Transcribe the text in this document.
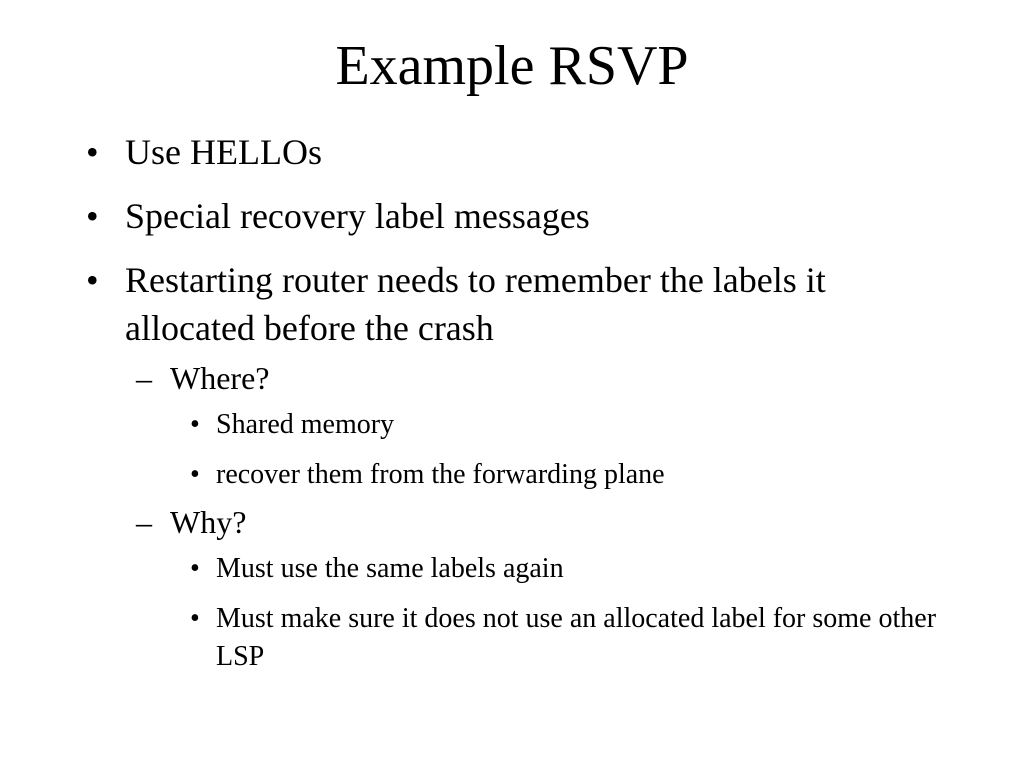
Example RSVP
• Use HELLOs
• Special recovery label messages
• Restarting router needs to remember the labels it allocated before the crash
– Where?
• Shared memory
• recover them from the forwarding plane
– Why?
• Must use the same labels again
• Must make sure it does not use an allocated label for some other LSP
